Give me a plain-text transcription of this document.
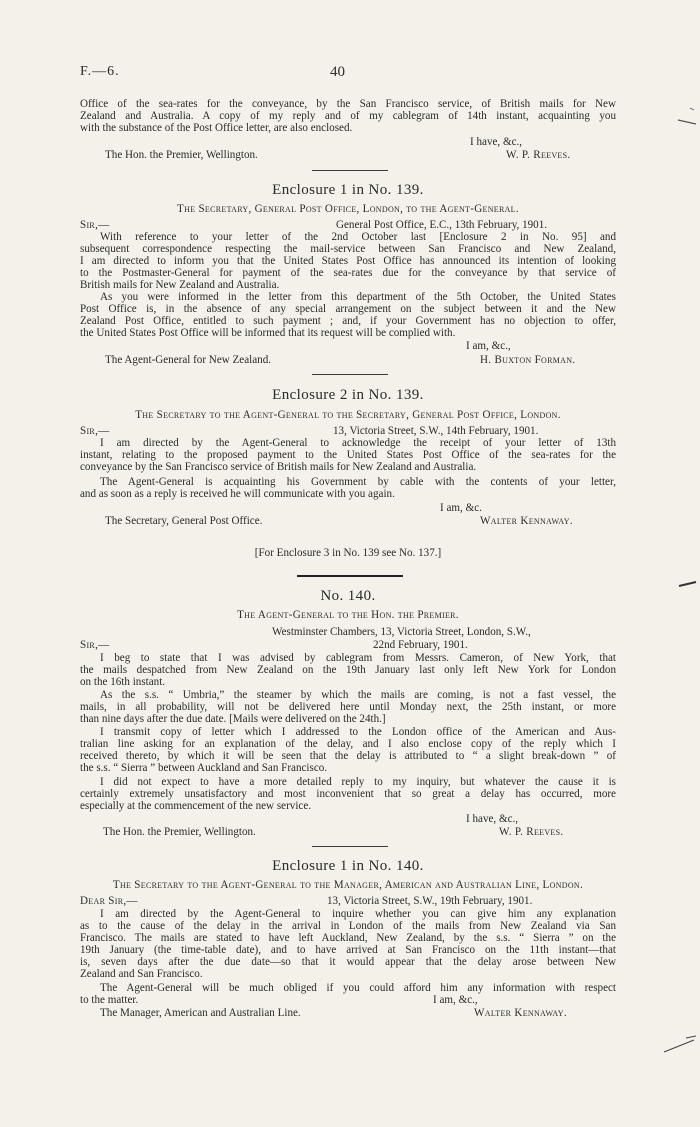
F.—6.	40
Office of the sea-rates for the conveyance, by the San Francisco service, of British mails for New
Zealand and Australia. A copy of my reply and of my cablegram of 14th instant, acquainting you
with the substance of the Post Office letter, are also enclosed.
I have, &c.,
The Hon. the Premier, Wellington.	W. P. Reeves.
Enclosure 1 in No. 139.
The Secretary, General Post Office, London, to the Agent-General.
Sir,—	General Post Office, E.C., 13th February, 1901.
With reference to your letter of the 2nd October last [Enclosure 2 in No. 95] and
subsequent correspondence respecting the mail-service between San Francisco and New Zealand,
I am directed to inform you that the United States Post Office has announced its intention of looking
to the Postmaster-General for payment of the sea-rates due for the conveyance by that service of
British mails for New Zealand and Australia.
As you were informed in the letter from this department of the 5th October, the United States
Post Office is, in the absence of any special arrangement on the subject between it and the New
Zealand Post Office, entitled to such payment ; and, if your Government has no objection to offer,
the United States Post Office will be informed that its request will be complied with.
I am, &c.,
The Agent-General for New Zealand.	H. Buxton Forman.
Enclosure 2 in No. 139.
The Secretary to the Agent-General to the Secretary, General Post Office, London.
Sir,—	13, Victoria Street, S.W., 14th February, 1901.
I am directed by the Agent-General to acknowledge the receipt of your letter of 13th
instant, relating to the proposed payment to the United States Post Office of the sea-rates for the
conveyance by the San Francisco service of British mails for New Zealand and Australia.
The Agent-General is acquainting his Government by cable with the contents of your letter,
and as soon as a reply is received he will communicate with you again.
I am, &c.
The Secretary, General Post Office.	Walter Kennaway.
[For Enclosure 3 in No. 139 see No. 137.]
No. 140.
The Agent-General to the Hon. the Premier.
Westminster Chambers, 13, Victoria Street, London, S.W.,
Sir,—	22nd February, 1901.
I beg to state that I was advised by cablegram from Messrs. Cameron, of New York, that
the mails despatched from New Zealand on the 19th January last only left New York for London
on the 16th instant.
As the s.s. “ Umbria,” the steamer by which the mails are coming, is not a fast vessel, the
mails, in all probability, will not be delivered here until Monday next, the 25th instant, or more
than nine days after the due date. [Mails were delivered on the 24th.]
I transmit copy of letter which I addressed to the London office of the American and Aus-
tralian line asking for an explanation of the delay, and I also enclose copy of the reply which I
received thereto, by which it will be seen that the delay is attributed to “ a slight break-down ” of
the s.s. “ Sierra ” between Auckland and San Francisco.
I did not expect to have a more detailed reply to my inquiry, but whatever the cause it is
certainly extremely unsatisfactory and most inconvenient that so great a delay has occurred, more
especially at the commencement of the new service.
I have, &c.,
The Hon. the Premier, Wellington.	W. P. Reeves.
Enclosure 1 in No. 140.
The Secretary to the Agent-General to the Manager, American and Australian Line, London.
Dear Sir,—	13, Victoria Street, S.W., 19th February, 1901.
I am directed by the Agent-General to inquire whether you can give him any explanation
as to the cause of the delay in the arrival in London of the mails from New Zealand via San
Francisco. The mails are stated to have left Auckland, New Zealand, by the s.s. “ Sierra ” on the
19th January (the time-table date), and to have arrived at San Francisco on the 11th instant—that
is, seven days after the due date—so that it would appear that the delay arose between New
Zealand and San Francisco.
The Agent-General will be much obliged if you could afford him any information with respect
to the matter.	I am, &c.,
The Manager, American and Australian Line.	Walter Kennaway.
